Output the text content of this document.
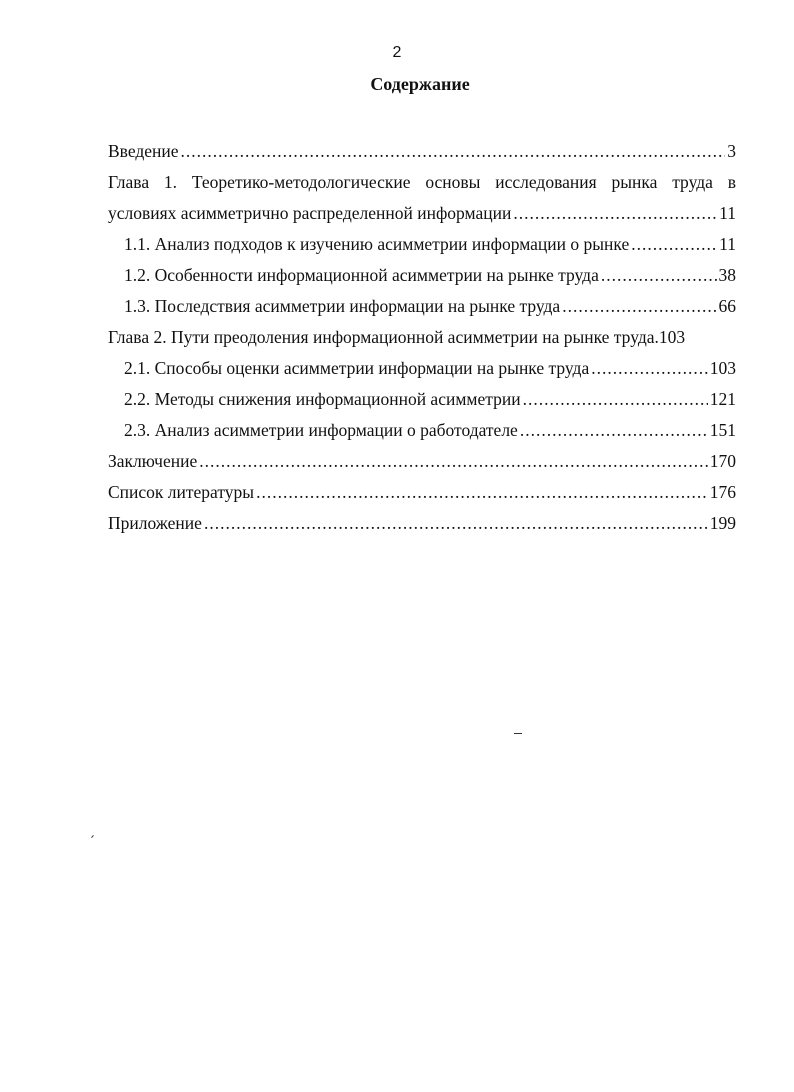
2
Содержание
Введение .....	3
Глава 1. Теоретико-методологические основы исследования рынка труда в
условиях асимметрично распределенной информации .....	11
1.1. Анализ подходов к изучению асимметрии информации о рынке .....	11
1.2. Особенности информационной асимметрии на рынке труда .....	38
1.3. Последствия асимметрии информации на рынке труда .....	66
Глава 2. Пути преодоления информационной асимметрии на рынке труда. 103
2.1. Способы оценки асимметрии информации на рынке труда .....	103
2.2. Методы снижения информационной асимметрии .....	121
2.3. Анализ асимметрии информации о работодателе .....	151
Заключение .....	170
Список литературы .....	176
Приложение .....	199
